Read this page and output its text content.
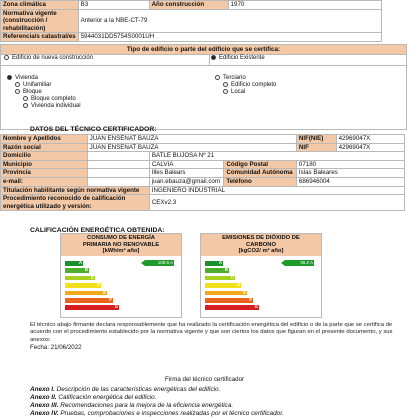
Zona climática	B3	Año construcción	1970
Normativa vigente (construcción / rehabilitación)	Anterior a la NBE-CT-79		
Referencia/s catastral/es	5944031DD5754S0001UH		
Tipo de edificio o parte del edificio que se certifica:
Edificio de nueva construcción	Edificio Existente
Vivienda
Unifamiliar
Bloque
Bloque completo
Vivienda individual
Terciario
Edificio completo
Local
DATOS DEL TÉCNICO CERTIFICADOR:
Nombre y Apellidos	JUAN ENSEÑAT BAUZA			NIF(NIE)	42969047X
Razón social	JUAN ENSEÑAT BAUZA			NIF	42969047X
Domicilio		BATLE BUJOSA Nº 21			
Municipio		CALVIA	Código Postal	07180	
Provincia		Illes Balears	Comunidad Autónoma	Islas Baleares	
e-mail:		juan.ebauza@gmail.com	Teléfono	686946004	
Titulación habilitante según normativa vigente		INGENIERO INDUSTRIAL			
Procedimiento reconocido de calificación energética utilizado y versión:		CEXv2.3			
CALIFICACIÓN ENERGÉTICA OBTENIDA:
CONSUMO DE ENERGÍA
PRIMARIA NO RENOVABLE
[kWh/m² año]
A
B
C
D
E
F
G
109.6 A
EMISIONES DE DIÓXIDO DE
CARBONO
[kgCO2/ m² año]
A
B
C
D
E
F
G
36.2 A
El técnico abajo firmante declara responsablemente que ha realizado la certificación energética del edificio o de la parte que se certifica de acuerdo con el procedimiento establecido por la normativa vigente y que son ciertos los datos que figuran en el presente documento, y sus anexos:
Fecha: 21/06/2022
Firma del técnico certificador
Anexo I. Descripción de las características energéticas del edificio.
Anexo II. Calificación energética del edificio.
Anexo III. Recomendaciones para la mejora de la eficiencia energética.
Anexo IV. Pruebas, comprobaciones e inspecciones realizadas por el técnico certificador.
